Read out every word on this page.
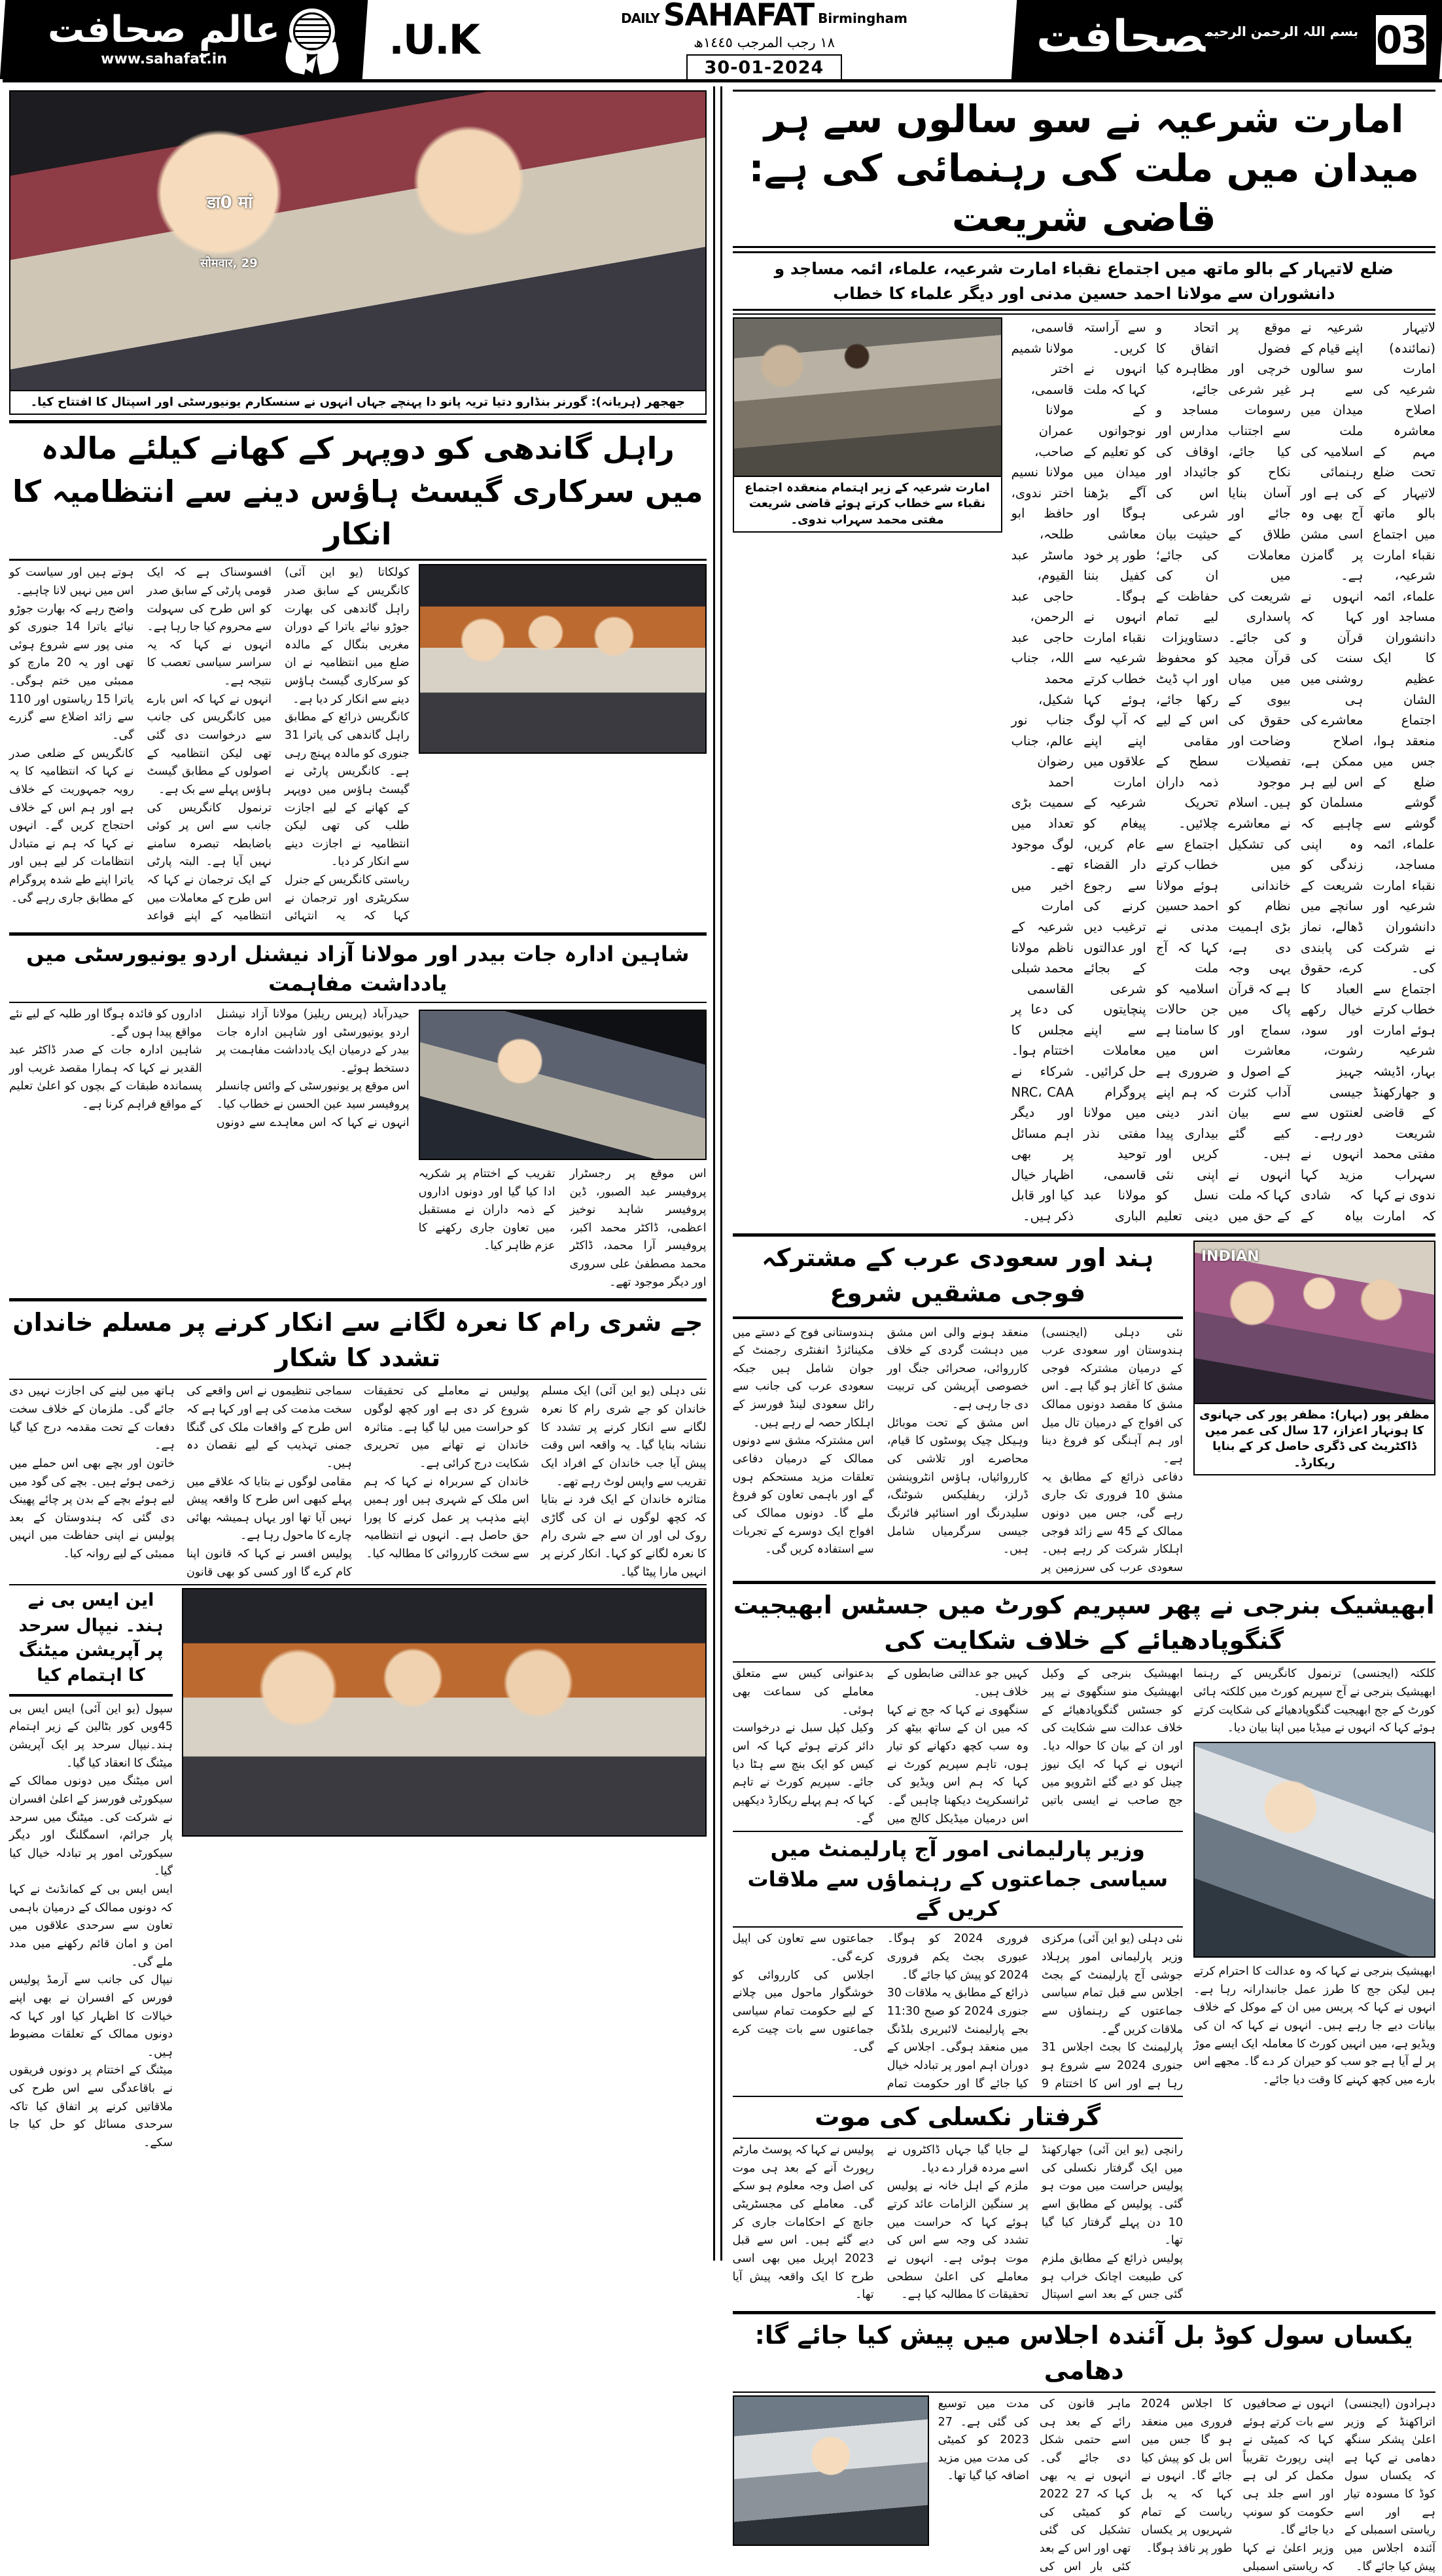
$^{بسم اللہ الرحمن الرحیم}$صحافت	03
DAILY SAHAFAT Birmingham
١٨ رجب المرجب ١٤٤٥ھ
30-01-2024
U.K.
عالمِ صحافت
www.sahafat.in
امارت شرعیہ نے سو سالوں سے ہر میدان میں ملت کی رہنمائی کی ہے: قاضی شریعت
ضلع لاتیہار کے بالو ماتھ میں اجتماع نقباء امارت شرعیہ، علماء، ائمہ مساجد و دانشوران سے مولانا احمد حسین مدنی اور دیگر علماء کا خطاب
امارت شرعیہ کے زیر اہتمام منعقدہ اجتماع نقباء سے خطاب کرتے ہوئے قاضی شریعت مفتی محمد سہراب ندوی۔

لاتیہار (نمائندہ) امارت شرعیہ کی اصلاح معاشرہ مہم کے تحت ضلع لاتیہار کے بالو ماتھ میں اجتماع نقباء امارت شرعیہ، علماء، ائمہ مساجد اور دانشوران کا ایک عظیم الشان اجتماع منعقد ہوا، جس میں ضلع کے گوشے گوشے سے علماء، ائمہ مساجد، نقباء امارت شرعیہ اور دانشوران نے شرکت کی۔

اجتماع سے خطاب کرتے ہوئے امارت شرعیہ بہار، اڈیشہ و جھارکھنڈ کے قاضی شریعت مفتی محمد سہراب ندوی نے کہا کہ امارت شرعیہ نے اپنے قیام کے سو سالوں سے ہر میدان میں ملت اسلامیہ کی رہنمائی کی ہے اور آج بھی وہ اسی مشن پر گامزن ہے۔

انہوں نے کہا کہ قرآن و سنت کی روشنی میں ہی معاشرے کی اصلاح ممکن ہے، اس لیے ہر مسلمان کو چاہیے کہ وہ اپنی زندگی کو شریعت کے سانچے میں ڈھالے، نماز کی پابندی کرے، حقوق العباد کا خیال رکھے اور سود، رشوت، جہیز جیسی لعنتوں سے دور رہے۔

انہوں نے مزید کہا کہ شادی بیاہ کے موقع پر فضول خرچی اور غیر شرعی رسومات سے اجتناب کیا جائے، نکاح کو آسان بنایا جائے اور طلاق کے معاملات میں شریعت کی پاسداری کی جائے۔ قرآن مجید میں میاں بیوی کے حقوق کی وضاحت اور تفصیلات موجود ہیں۔ اسلام نے معاشرے کی تشکیل میں خاندانی نظام کو بڑی اہمیت دی ہے، یہی وجہ ہے کہ قرآن پاک میں سماج اور معاشرت کے اصول و آداب کثرت سے بیان کیے گئے ہیں۔

انہوں نے کہا کہ ملت کے حق میں اتحاد و اتفاق کا مظاہرہ کیا جائے، مساجد و مدارس اور اوقاف کی جائیداد اور اس کی شرعی حیثیت بیان کی جائے؛ ان کی حفاظت کے لیے تمام دستاویزات کو محفوظ اور اپ ڈیٹ رکھا جائے، اس کے لیے مقامی سطح کے ذمہ داران تحریک چلائیں۔

اجتماع سے خطاب کرتے ہوئے مولانا احمد حسین مدنی نے کہا کہ آج ملت اسلامیہ کو جن حالات کا سامنا ہے اس میں ضروری ہے کہ ہم اپنے اندر دینی بیداری پیدا کریں اور اپنی نئی نسل کو دینی تعلیم سے آراستہ کریں۔ انہوں نے کہا کہ ملت کے نوجوانوں کو تعلیم کے میدان میں آگے بڑھنا ہوگا اور معاشی طور پر خود کفیل بننا ہوگا۔

انہوں نے نقباء امارت شرعیہ سے خطاب کرتے ہوئے کہا کہ آپ لوگ اپنے اپنے علاقوں میں امارت شرعیہ کے پیغام کو عام کریں، دار القضاء سے رجوع کرنے کی ترغیب دیں اور عدالتوں کے بجائے شرعی پنچایتوں سے اپنے معاملات حل کرائیں۔

پروگرام میں مولانا مفتی نذر توحید قاسمی، مولانا عبد الباری قاسمی، مولانا شمیم اختر قاسمی، مولانا عمران صاحب، مولانا نسیم اختر ندوی، حافظ ابو طلحہ، ماسٹر عبد القیوم، حاجی عبد الرحمن، حاجی عبد اللہ، جناب محمد شکیل، جناب نور عالم، جناب رضوان احمد سمیت بڑی تعداد میں لوگ موجود تھے۔

اخیر میں امارت شرعیہ کے ناظم مولانا محمد شبلی القاسمی کی دعا پر مجلس کا اختتام ہوا۔ شرکاء نے NRC، CAA اور دیگر اہم مسائل پر بھی اظہار خیال کیا اور قابل ذکر ہیں۔

INDIAN
مظفر پور (بہار): مظفر پور کی جہانوی کا ہونہار اعزاز، 17 سال کی عمر میں ڈاکٹریٹ کی ڈگری حاصل کر کے بنایا ریکارڈ۔
ہند اور سعودی عرب کے مشترکہ فوجی مشقیں شروع

نئی دہلی (ایجنسی) ہندوستان اور سعودی عرب کے درمیان مشترکہ فوجی مشق کا آغاز ہو گیا ہے۔ اس مشق کا مقصد دونوں ممالک کی افواج کے درمیان تال میل اور ہم آہنگی کو فروغ دینا ہے۔

دفاعی ذرائع کے مطابق یہ مشق 10 فروری تک جاری رہے گی، جس میں دونوں ممالک کے 45 سے زائد فوجی اہلکار شرکت کر رہے ہیں۔ سعودی عرب کی سرزمین پر منعقد ہونے والی اس مشق میں دہشت گردی کے خلاف کارروائی، صحرائی جنگ اور خصوصی آپریشن کی تربیت دی جا رہی ہے۔

اس مشق کے تحت موبائل وہیکل چیک پوسٹوں کا قیام، محاصرے اور تلاشی کی کارروائیاں، ہاؤس انٹروینشن ڈرلز، ریفلیکس شوٹنگ، سلیدرنگ اور اسنائپر فائرنگ جیسی سرگرمیاں شامل ہیں۔

ہندوستانی فوج کے دستے میں مکینائزڈ انفنٹری رجمنٹ کے جوان شامل ہیں جبکہ سعودی عرب کی جانب سے رائل سعودی لینڈ فورسز کے اہلکار حصہ لے رہے ہیں۔

اس مشترکہ مشق سے دونوں ممالک کے درمیان دفاعی تعلقات مزید مستحکم ہوں گے اور باہمی تعاون کو فروغ ملے گا۔ دونوں ممالک کی افواج ایک دوسرے کے تجربات سے استفادہ کریں گی۔

ابھیشیک بنرجی نے پھر سپریم کورٹ میں جسٹس ابھیجیت گنگوپادھیائے کے خلاف شکایت کی

کلکتہ (ایجنسی) ترنمول کانگریس کے رہنما ابھیشیک بنرجی نے آج سپریم کورٹ میں کلکتہ ہائی کورٹ کے جج ابھیجیت گنگوپادھیائے کی شکایت کرتے ہوئے کہا کہ انہوں نے میڈیا میں اپنا بیان دیا۔

ابھیشیک بنرجی نے کہا کہ وہ عدالت کا احترام کرتے ہیں لیکن جج کا طرز عمل جانبدارانہ رہا ہے۔ انہوں نے کہا کہ پریس میں ان کے موکل کے خلاف بیانات دیے جا رہے ہیں۔ انہوں نے کہا کہ ان کی ویڈیو ہے، میں انہیں کورٹ کا معاملہ ایک ایسے موڑ پر لے آیا ہے جو سب کو حیران کر دے گا۔ مجھے اس بارے میں کچھ کہنے کا وقت دیا جائے۔

ابھیشیک بنرجی کے وکیل ابھیشیک منو سنگھوی نے پیر کو جسٹس گنگوپادھیائے کے خلاف عدالت سے شکایت کی اور ان کے بیان کا حوالہ دیا۔ انہوں نے کہا کہ ایک نیوز چینل کو دیے گئے انٹرویو میں جج صاحب نے ایسی باتیں کہیں جو عدالتی ضابطوں کے خلاف ہیں۔

سنگھوی نے کہا کہ جج نے کہا کہ میں ان کے ساتھ بیٹھ کر وہ سب کچھ دکھانے کو تیار ہوں، تاہم سپریم کورٹ نے کہا کہ ہم اس ویڈیو کی ٹرانسکرپٹ دیکھنا چاہیں گے۔ اس درمیان میڈیکل کالج میں بدعنوانی کیس سے متعلق معاملے کی سماعت بھی ہوئی۔

وکیل کپل سبل نے درخواست دائر کرتے ہوئے کہا کہ اس کیس کو ایک بنچ سے ہٹا دیا جائے۔ سپریم کورٹ نے تاہم کہا کہ ہم پہلے ریکارڈ دیکھیں گے۔

وزیر پارلیمانی امور آج پارلیمنٹ میں سیاسی جماعتوں کے رہنماؤں سے ملاقات کریں گے

نئی دہلی (یو این آئی) مرکزی وزیر پارلیمانی امور پرہلاد جوشی آج پارلیمنٹ کے بجٹ اجلاس سے قبل تمام سیاسی جماعتوں کے رہنماؤں سے ملاقات کریں گے۔

پارلیمنٹ کا بجٹ اجلاس 31 جنوری 2024 سے شروع ہو رہا ہے اور اس کا اختتام 9 فروری 2024 کو ہوگا۔ عبوری بجٹ یکم فروری 2024 کو پیش کیا جائے گا۔

ذرائع کے مطابق یہ ملاقات 30 جنوری 2024 کو صبح 11:30 بجے پارلیمنٹ لائبریری بلڈنگ میں منعقد ہوگی۔ اجلاس کے دوران اہم امور پر تبادلہ خیال کیا جائے گا اور حکومت تمام جماعتوں سے تعاون کی اپیل کرے گی۔

اجلاس کی کارروائی کو خوشگوار ماحول میں چلانے کے لیے حکومت تمام سیاسی جماعتوں سے بات چیت کرے گی۔

گرفتار نکسلی کی موت

رانچی (یو این آئی) جھارکھنڈ میں ایک گرفتار نکسلی کی پولیس حراست میں موت ہو گئی۔ پولیس کے مطابق اسے 10 دن پہلے گرفتار کیا گیا تھا۔

پولیس ذرائع کے مطابق ملزم کی طبیعت اچانک خراب ہو گئی جس کے بعد اسے اسپتال لے جایا گیا جہاں ڈاکٹروں نے اسے مردہ قرار دے دیا۔

ملزم کے اہل خانہ نے پولیس پر سنگین الزامات عائد کرتے ہوئے کہا کہ حراست میں تشدد کی وجہ سے اس کی موت ہوئی ہے۔ انہوں نے معاملے کی اعلیٰ سطحی تحقیقات کا مطالبہ کیا ہے۔

پولیس نے کہا کہ پوسٹ مارٹم رپورٹ آنے کے بعد ہی موت کی اصل وجہ معلوم ہو سکے گی۔ معاملے کی مجسٹریٹی جانچ کے احکامات جاری کر دیے گئے ہیں۔ اس سے قبل 2023 اپریل میں بھی اسی طرح کا ایک واقعہ پیش آیا تھا۔

یکساں سول کوڈ بل آئندہ اجلاس میں پیش کیا جائے گا: دھامی

دہرادون (ایجنسی) اتراکھنڈ کے وزیر اعلیٰ پشکر سنگھ دھامی نے کہا ہے کہ یکساں سول کوڈ کا مسودہ تیار ہے اور اسے ریاستی اسمبلی کے آئندہ اجلاس میں پیش کیا جائے گا۔

انہوں نے صحافیوں سے بات کرتے ہوئے کہا کہ کمیٹی نے اپنی رپورٹ تقریباً مکمل کر لی ہے اور اسے جلد ہی حکومت کو سونپ دیا جائے گا۔

وزیر اعلیٰ نے کہا کہ ریاستی اسمبلی کا اجلاس 2024 فروری میں منعقد ہو گا جس میں اس بل کو پیش کیا جائے گا۔ انہوں نے کہا کہ یہ بل ریاست کے تمام شہریوں پر یکساں طور پر نافذ ہوگا۔

ماہر قانون کی رائے کے بعد ہی اسے حتمی شکل دی جائے گی۔ انہوں نے یہ بھی کہا کہ 27 2022 کو کمیٹی کی تشکیل کی گئی تھی اور اس کے بعد کئی بار اس کی مدت میں توسیع کی گئی ہے۔ 27 2023 کو کمیٹی کی مدت میں مزید اضافہ کیا گیا تھا۔

डा0 मां
सोमवार, 29
جھجھر (ہریانہ): گورنر بنڈارو دتیا تریہ پانو دا پہنچے جہاں انہوں نے سنسکارم یونیورسٹی اور اسپتال کا افتتاح کیا۔
راہل گاندھی کو دوپہر کے کھانے کیلئے مالدہ میں سرکاری گیسٹ ہاؤس دینے سے انتظامیہ کا انکار

کولکاتا (یو این آئی) کانگریس کے سابق صدر راہل گاندھی کی بھارت جوڑو نیائے یاترا کے دوران مغربی بنگال کے مالدہ ضلع میں انتظامیہ نے ان کو سرکاری گیسٹ ہاؤس دینے سے انکار کر دیا ہے۔

کانگریس ذرائع کے مطابق راہل گاندھی کی یاترا 31 جنوری کو مالدہ پہنچ رہی ہے۔ کانگریس پارٹی نے گیسٹ ہاؤس میں دوپہر کے کھانے کے لیے اجازت طلب کی تھی لیکن انتظامیہ نے اجازت دینے سے انکار کر دیا۔

ریاستی کانگریس کے جنرل سکریٹری اور ترجمان نے کہا کہ یہ انتہائی افسوسناک ہے کہ ایک قومی پارٹی کے سابق صدر کو اس طرح کی سہولت سے محروم کیا جا رہا ہے۔ انہوں نے کہا کہ یہ سراسر سیاسی تعصب کا نتیجہ ہے۔

انہوں نے کہا کہ اس بارے میں کانگریس کی جانب سے درخواست دی گئی تھی لیکن انتظامیہ کے اصولوں کے مطابق گیسٹ ہاؤس پہلے سے بک ہے۔

ترنمول کانگریس کی جانب سے اس پر کوئی باضابطہ تبصرہ سامنے نہیں آیا ہے۔ البتہ پارٹی کے ایک ترجمان نے کہا کہ اس طرح کے معاملات میں انتظامیہ کے اپنے قواعد ہوتے ہیں اور سیاست کو اس میں نہیں لانا چاہیے۔

واضح رہے کہ بھارت جوڑو نیائے یاترا 14 جنوری کو منی پور سے شروع ہوئی تھی اور یہ 20 مارچ کو ممبئی میں ختم ہوگی۔ یاترا 15 ریاستوں اور 110 سے زائد اضلاع سے گزرے گی۔

کانگریس کے ضلعی صدر نے کہا کہ انتظامیہ کا یہ رویہ جمہوریت کے خلاف ہے اور ہم اس کے خلاف احتجاج کریں گے۔ انہوں نے کہا کہ ہم نے متبادل انتظامات کر لیے ہیں اور یاترا اپنے طے شدہ پروگرام کے مطابق جاری رہے گی۔

شاہین ادارہ جات بیدر اور مولانا آزاد نیشنل اردو یونیورسٹی میں یادداشت مفاہمت

اس موقع پر رجسٹرار پروفیسر عبد الصبور، ڈین پروفیسر شاہد نوخیز اعظمی، ڈاکٹر محمد اکبر، پروفیسر آرا محمد، ڈاکٹر محمد مصطفیٰ علی سروری اور دیگر موجود تھے۔

تقریب کے اختتام پر شکریہ ادا کیا گیا اور دونوں اداروں کے ذمہ داران نے مستقبل میں تعاون جاری رکھنے کا عزم ظاہر کیا۔

حیدرآباد (پریس ریلیز) مولانا آزاد نیشنل اردو یونیورسٹی اور شاہین ادارہ جات بیدر کے درمیان ایک یادداشت مفاہمت پر دستخط ہوئے۔

اس موقع پر یونیورسٹی کے وائس چانسلر پروفیسر سید عین الحسن نے خطاب کیا۔ انہوں نے کہا کہ اس معاہدے سے دونوں اداروں کو فائدہ ہوگا اور طلبہ کے لیے نئے مواقع پیدا ہوں گے۔

شاہین ادارہ جات کے صدر ڈاکٹر عبد القدیر نے کہا کہ ہمارا مقصد غریب اور پسماندہ طبقات کے بچوں کو اعلیٰ تعلیم کے مواقع فراہم کرنا ہے۔

جے شری رام کا نعرہ لگانے سے انکار کرنے پر مسلم خاندان تشدد کا شکار

نئی دہلی (یو این آئی) ایک مسلم خاندان کو جے شری رام کا نعرہ لگانے سے انکار کرنے پر تشدد کا نشانہ بنایا گیا۔ یہ واقعہ اس وقت پیش آیا جب خاندان کے افراد ایک تقریب سے واپس لوٹ رہے تھے۔

متاثرہ خاندان کے ایک فرد نے بتایا کہ کچھ لوگوں نے ان کی گاڑی روک لی اور ان سے جے شری رام کا نعرہ لگانے کو کہا۔ انکار کرنے پر انہیں مارا پیٹا گیا۔

پولیس نے معاملے کی تحقیقات شروع کر دی ہے اور کچھ لوگوں کو حراست میں لیا گیا ہے۔ متاثرہ خاندان نے تھانے میں تحریری شکایت درج کرائی ہے۔

خاندان کے سربراہ نے کہا کہ ہم اس ملک کے شہری ہیں اور ہمیں اپنے مذہب پر عمل کرنے کا پورا حق حاصل ہے۔ انہوں نے انتظامیہ سے سخت کارروائی کا مطالبہ کیا۔

سماجی تنظیموں نے اس واقعے کی سخت مذمت کی ہے اور کہا ہے کہ اس طرح کے واقعات ملک کی گنگا جمنی تہذیب کے لیے نقصان دہ ہیں۔

مقامی لوگوں نے بتایا کہ علاقے میں پہلے کبھی اس طرح کا واقعہ پیش نہیں آیا تھا اور یہاں ہمیشہ بھائی چارے کا ماحول رہا ہے۔

پولیس افسر نے کہا کہ قانون اپنا کام کرے گا اور کسی کو بھی قانون ہاتھ میں لینے کی اجازت نہیں دی جائے گی۔ ملزمان کے خلاف سخت دفعات کے تحت مقدمہ درج کیا گیا ہے۔

خاتون اور بچے بھی اس حملے میں زخمی ہوئے ہیں۔ بچے کی گود میں لیے ہوئے بچے کے بدن پر چائے پھینک دی گئی کہ ہندوستان کے بعد پولیس نے اپنی حفاظت میں انہیں ممبئی کے لیے روانہ کیا۔

این ایس بی نے ہند۔ نیپال سرحد پر آپریشن میٹنگ کا اہتمام کیا

سپول (یو این آئی) ایس ایس بی 45ویں کور بٹالین کے زیر اہتمام ہند۔نیپال سرحد پر ایک آپریشن میٹنگ کا انعقاد کیا گیا۔

اس میٹنگ میں دونوں ممالک کے سیکورٹی فورسز کے اعلیٰ افسران نے شرکت کی۔ میٹنگ میں سرحد پار جرائم، اسمگلنگ اور دیگر سیکورٹی امور پر تبادلہ خیال کیا گیا۔

ایس ایس بی کے کمانڈنٹ نے کہا کہ دونوں ممالک کے درمیان باہمی تعاون سے سرحدی علاقوں میں امن و امان قائم رکھنے میں مدد ملے گی۔

نیپال کی جانب سے آرمڈ پولیس فورس کے افسران نے بھی اپنے خیالات کا اظہار کیا اور کہا کہ دونوں ممالک کے تعلقات مضبوط ہیں۔

میٹنگ کے اختتام پر دونوں فریقوں نے باقاعدگی سے اس طرح کی ملاقاتیں کرنے پر اتفاق کیا تاکہ سرحدی مسائل کو حل کیا جا سکے۔
